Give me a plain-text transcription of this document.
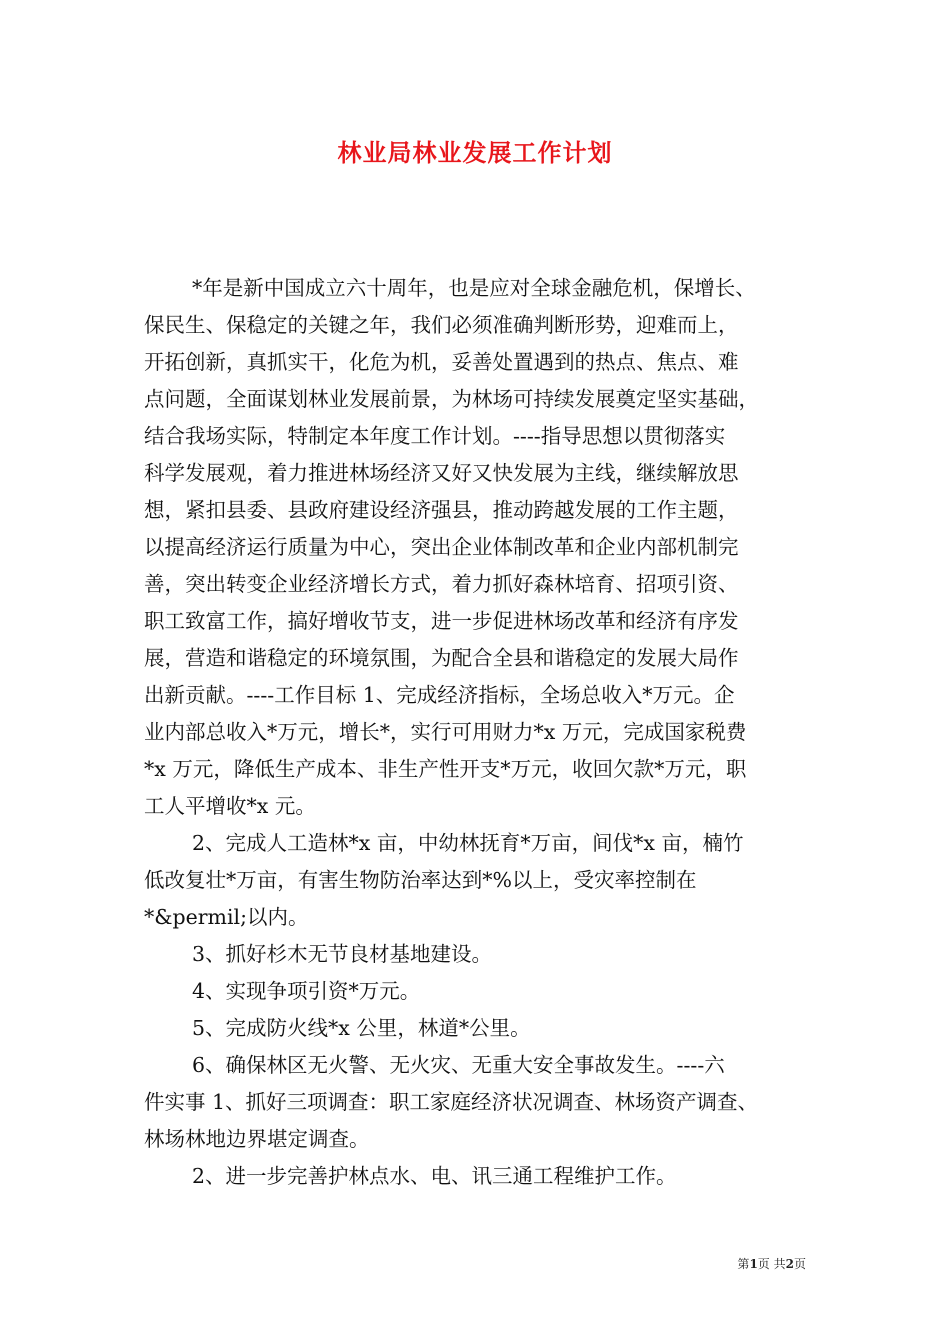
林业局林业发展工作计划
*年是新中国成立六十周年，也是应对全球金融危机，保增长、
保民生、保稳定的关键之年，我们必须准确判断形势，迎难而上，
开拓创新，真抓实干，化危为机，妥善处置遇到的热点、焦点、难
点问题，全面谋划林业发展前景，为林场可持续发展奠定坚实基础，
结合我场实际，特制定本年度工作计划。----指导思想以贯彻落实
科学发展观，着力推进林场经济又好又快发展为主线，继续解放思
想，紧扣县委、县政府建设经济强县，推动跨越发展的工作主题，
以提高经济运行质量为中心，突出企业体制改革和企业内部机制完
善，突出转变企业经济增长方式，着力抓好森林培育、招项引资、
职工致富工作，搞好增收节支，进一步促进林场改革和经济有序发
展，营造和谐稳定的环境氛围，为配合全县和谐稳定的发展大局作
出新贡献。----工作目标 1、完成经济指标，全场总收入*万元。企
业内部总收入*万元，增长*，实行可用财力*x 万元，完成国家税费
*x 万元，降低生产成本、非生产性开支*万元，收回欠款*万元，职
工人平增收*x 元。
2、完成人工造林*x 亩，中幼林抚育*万亩，间伐*x 亩，楠竹
低改复壮*万亩，有害生物防治率达到*%以上，受灾率控制在
*&permil;以内。
3、抓好杉木无节良材基地建设。
4、实现争项引资*万元。
5、完成防火线*x 公里，林道*公里。
6、确保林区无火警、无火灾、无重大安全事故发生。----六
件实事 1、抓好三项调查：职工家庭经济状况调查、林场资产调查、
林场林地边界堪定调查。
2、进一步完善护林点水、电、讯三通工程维护工作。
第1页 共2页
